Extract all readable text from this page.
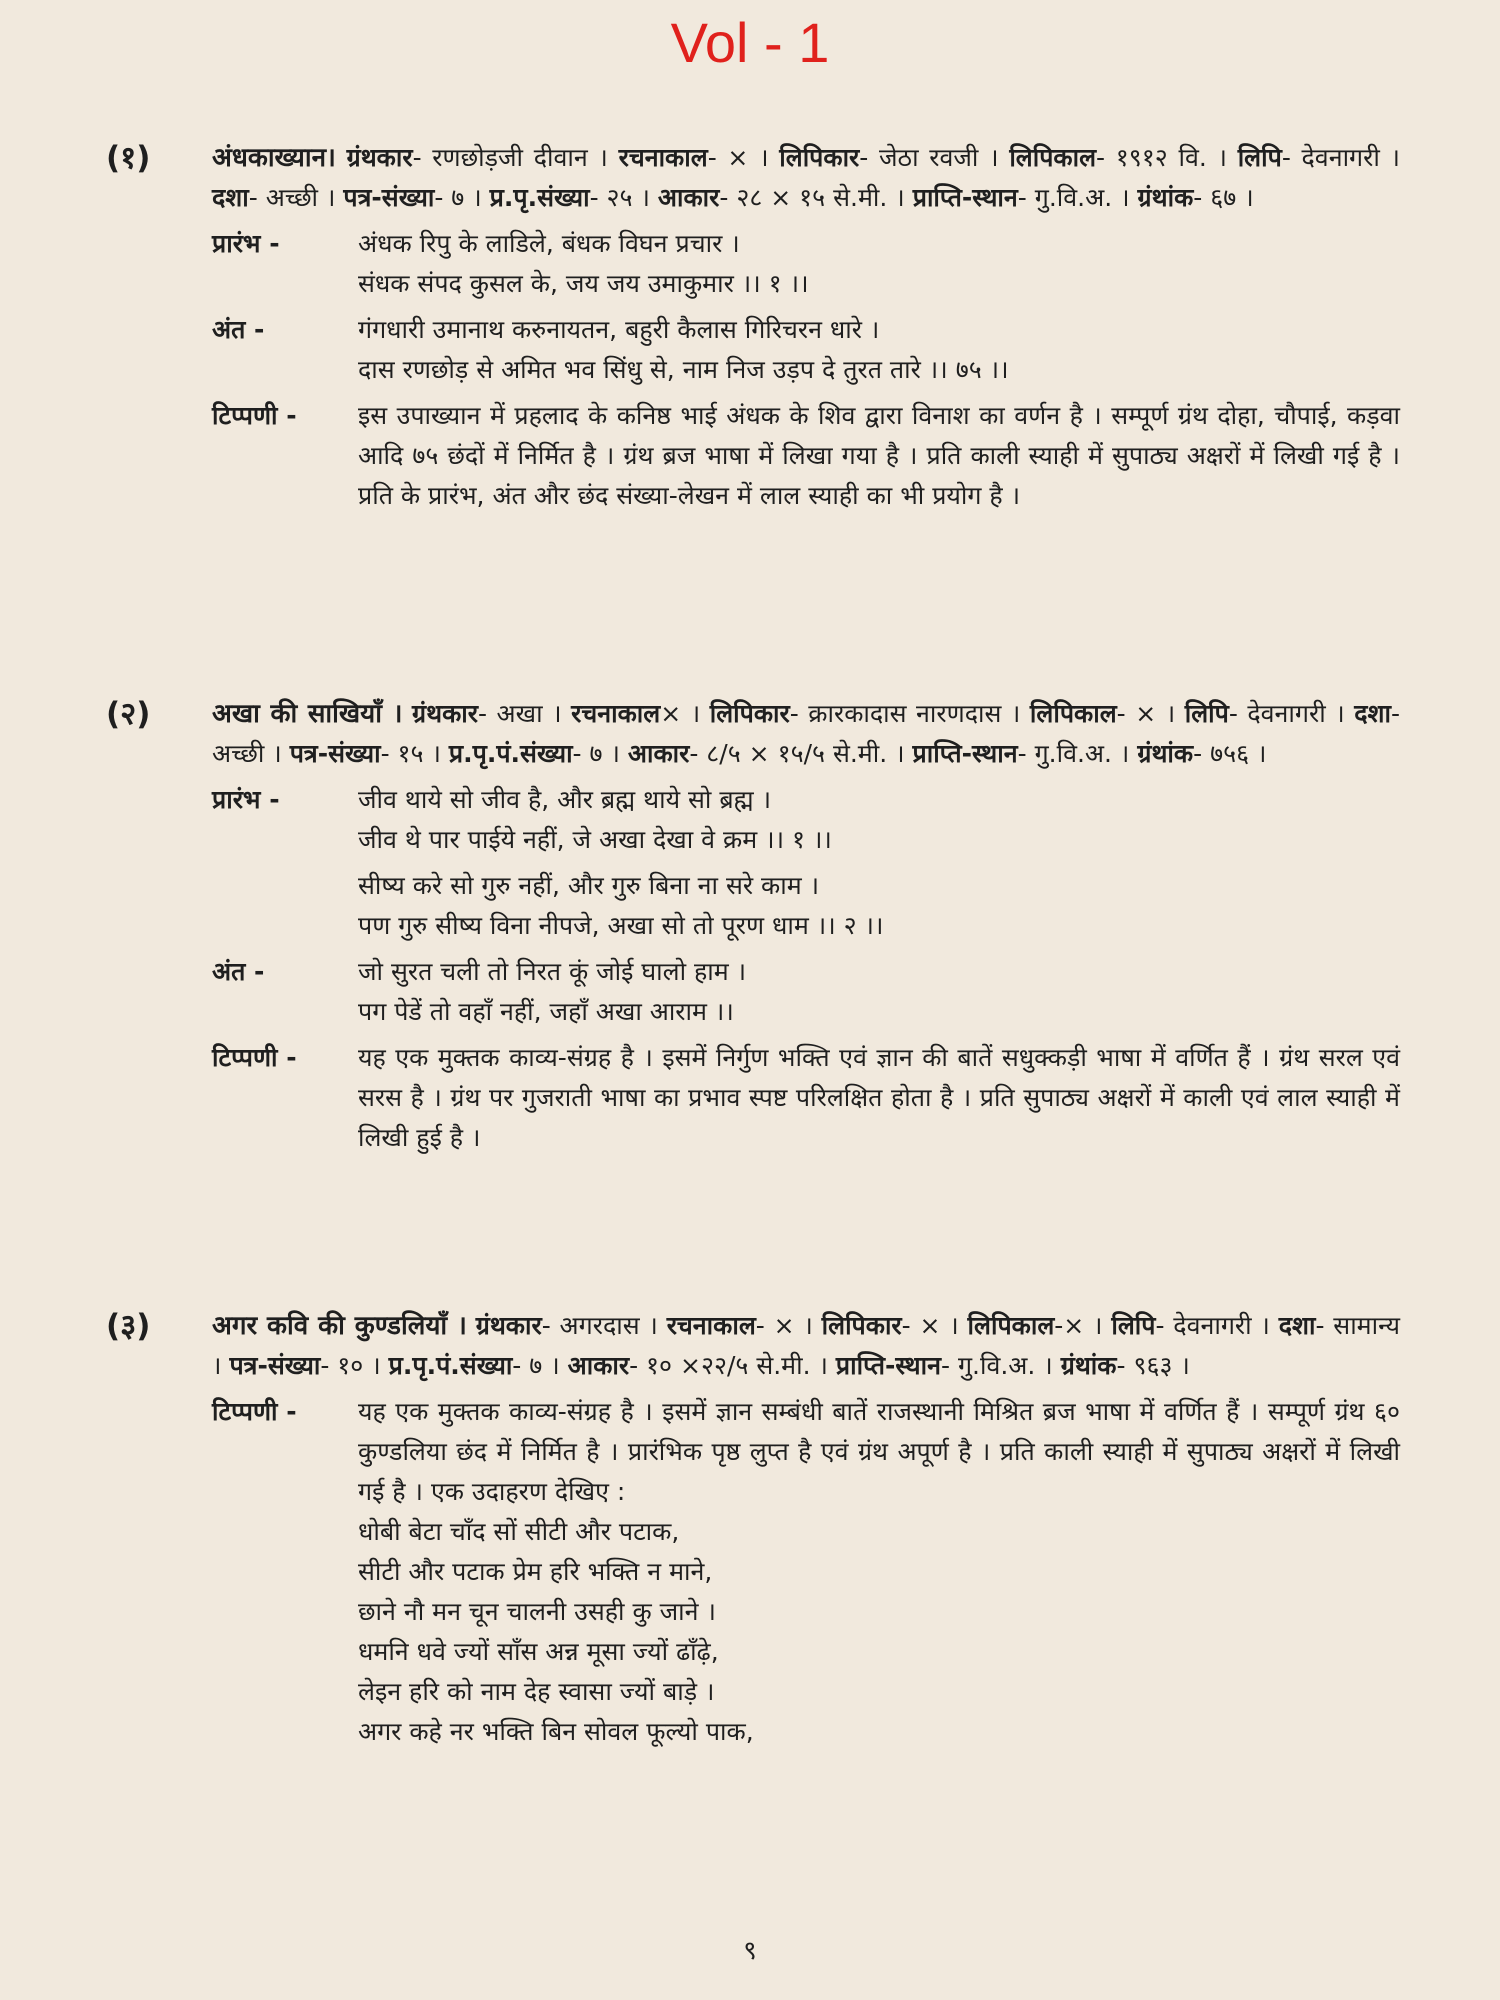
Vol - 1
(१) अंधकाख्यान। ग्रंथकार- रणछोड़जी दीवान । रचनाकाल- × । लिपिकार- जेठा रवजी । लिपिकाल- १९१२ वि. । लिपि- देवनागरी । दशा- अच्छी । पत्र-संख्या- ७ । प्र.पृ.संख्या- २५ । आकार- २८ × १५ से.मी. । प्राप्ति-स्थान- गु.वि.अ. । ग्रंथांक- ६७ ।
प्रारंभ -	अंधक रिपु के लाडिले, बंधक विघन प्रचार ।
संधक संपद कुसल के, जय जय उमाकुमार ।। १ ।।
अंत -	गंगधारी उमानाथ करुनायतन, बहुरी कैलास गिरिचरन धारे ।
दास रणछोड़ से अमित भव सिंधु से, नाम निज उड़प दे तुरत तारे ।। ७५ ।।
टिप्पणी - इस उपाख्यान में प्रहलाद के कनिष्ठ भाई अंधक के शिव द्वारा विनाश का वर्णन है । सम्पूर्ण ग्रंथ दोहा, चौपाई, कड़वा आदि ७५ छंदों में निर्मित है । ग्रंथ ब्रज भाषा में लिखा गया है । प्रति काली स्याही में सुपाठ्य अक्षरों में लिखी गई है । प्रति के प्रारंभ, अंत और छंद संख्या-लेखन में लाल स्याही का भी प्रयोग है ।
(२) अखा की साखियाँ । ग्रंथकार- अखा । रचनाकाल× । लिपिकार- क्रारकादास नारणदास । लिपिकाल- × । लिपि- देवनागरी । दशा- अच्छी । पत्र-संख्या- १५ । प्र.पृ.पं.संख्या- ७ । आकार- ८/५ × १५/५ से.मी. । प्राप्ति-स्थान- गु.वि.अ. । ग्रंथांक- ७५६ ।
प्रारंभ -	जीव थाये सो जीव है, और ब्रह्म थाये सो ब्रह्म ।
जीव थे पार पाईये नहीं, जे अखा देखा वे क्रम ।। १ ।।
सीष्य करे सो गुरु नहीं, और गुरु बिना ना सरे काम ।
पण गुरु सीष्य विना नीपजे, अखा सो तो पूरण धाम ।। २ ।।
अंत -	जो सुरत चली तो निरत कूं जोई घालो हाम ।
पग पेडें तो वहाँ नहीं, जहाँ अखा आराम ।।
टिप्पणी - यह एक मुक्तक काव्य-संग्रह है । इसमें निर्गुण भक्ति एवं ज्ञान की बातें सधुक्कड़ी भाषा में वर्णित हैं । ग्रंथ सरल एवं सरस है । ग्रंथ पर गुजराती भाषा का प्रभाव स्पष्ट परिलक्षित होता है । प्रति सुपाठ्य अक्षरों में काली एवं लाल स्याही में लिखी हुई है ।
(३) अगर कवि की कुण्डलियाँ । ग्रंथकार- अगरदास । रचनाकाल- × । लिपिकार- × । लिपिकाल-× । लिपि- देवनागरी । दशा- सामान्य । पत्र-संख्या- १० । प्र.पृ.पं.संख्या- ७ । आकार- १० ×२२/५ से.मी. । प्राप्ति-स्थान- गु.वि.अ. । ग्रंथांक- ९६३ ।
टिप्पणी - यह एक मुक्तक काव्य-संग्रह है । इसमें ज्ञान सम्बंधी बातें राजस्थानी मिश्रित ब्रज भाषा में वर्णित हैं । सम्पूर्ण ग्रंथ ६० कुण्डलिया छंद में निर्मित है । प्रारंभिक पृष्ठ लुप्त है एवं ग्रंथ अपूर्ण है । प्रति काली स्याही में सुपाठ्य अक्षरों में लिखी गई है । एक उदाहरण देखिए :
धोबी बेटा चाँद सों सीटी और पटाक,
सीटी और पटाक प्रेम हरि भक्ति न माने,
छाने नौ मन चून चालनी उसही कु जाने ।
धमनि धवे ज्यों साँस अन्न मूसा ज्यों ढाँढ़े,
लेइन हरि को नाम देह स्वासा ज्यों बाड़े ।
अगर कहे नर भक्ति बिन सोवल फूल्यो पाक,
९
